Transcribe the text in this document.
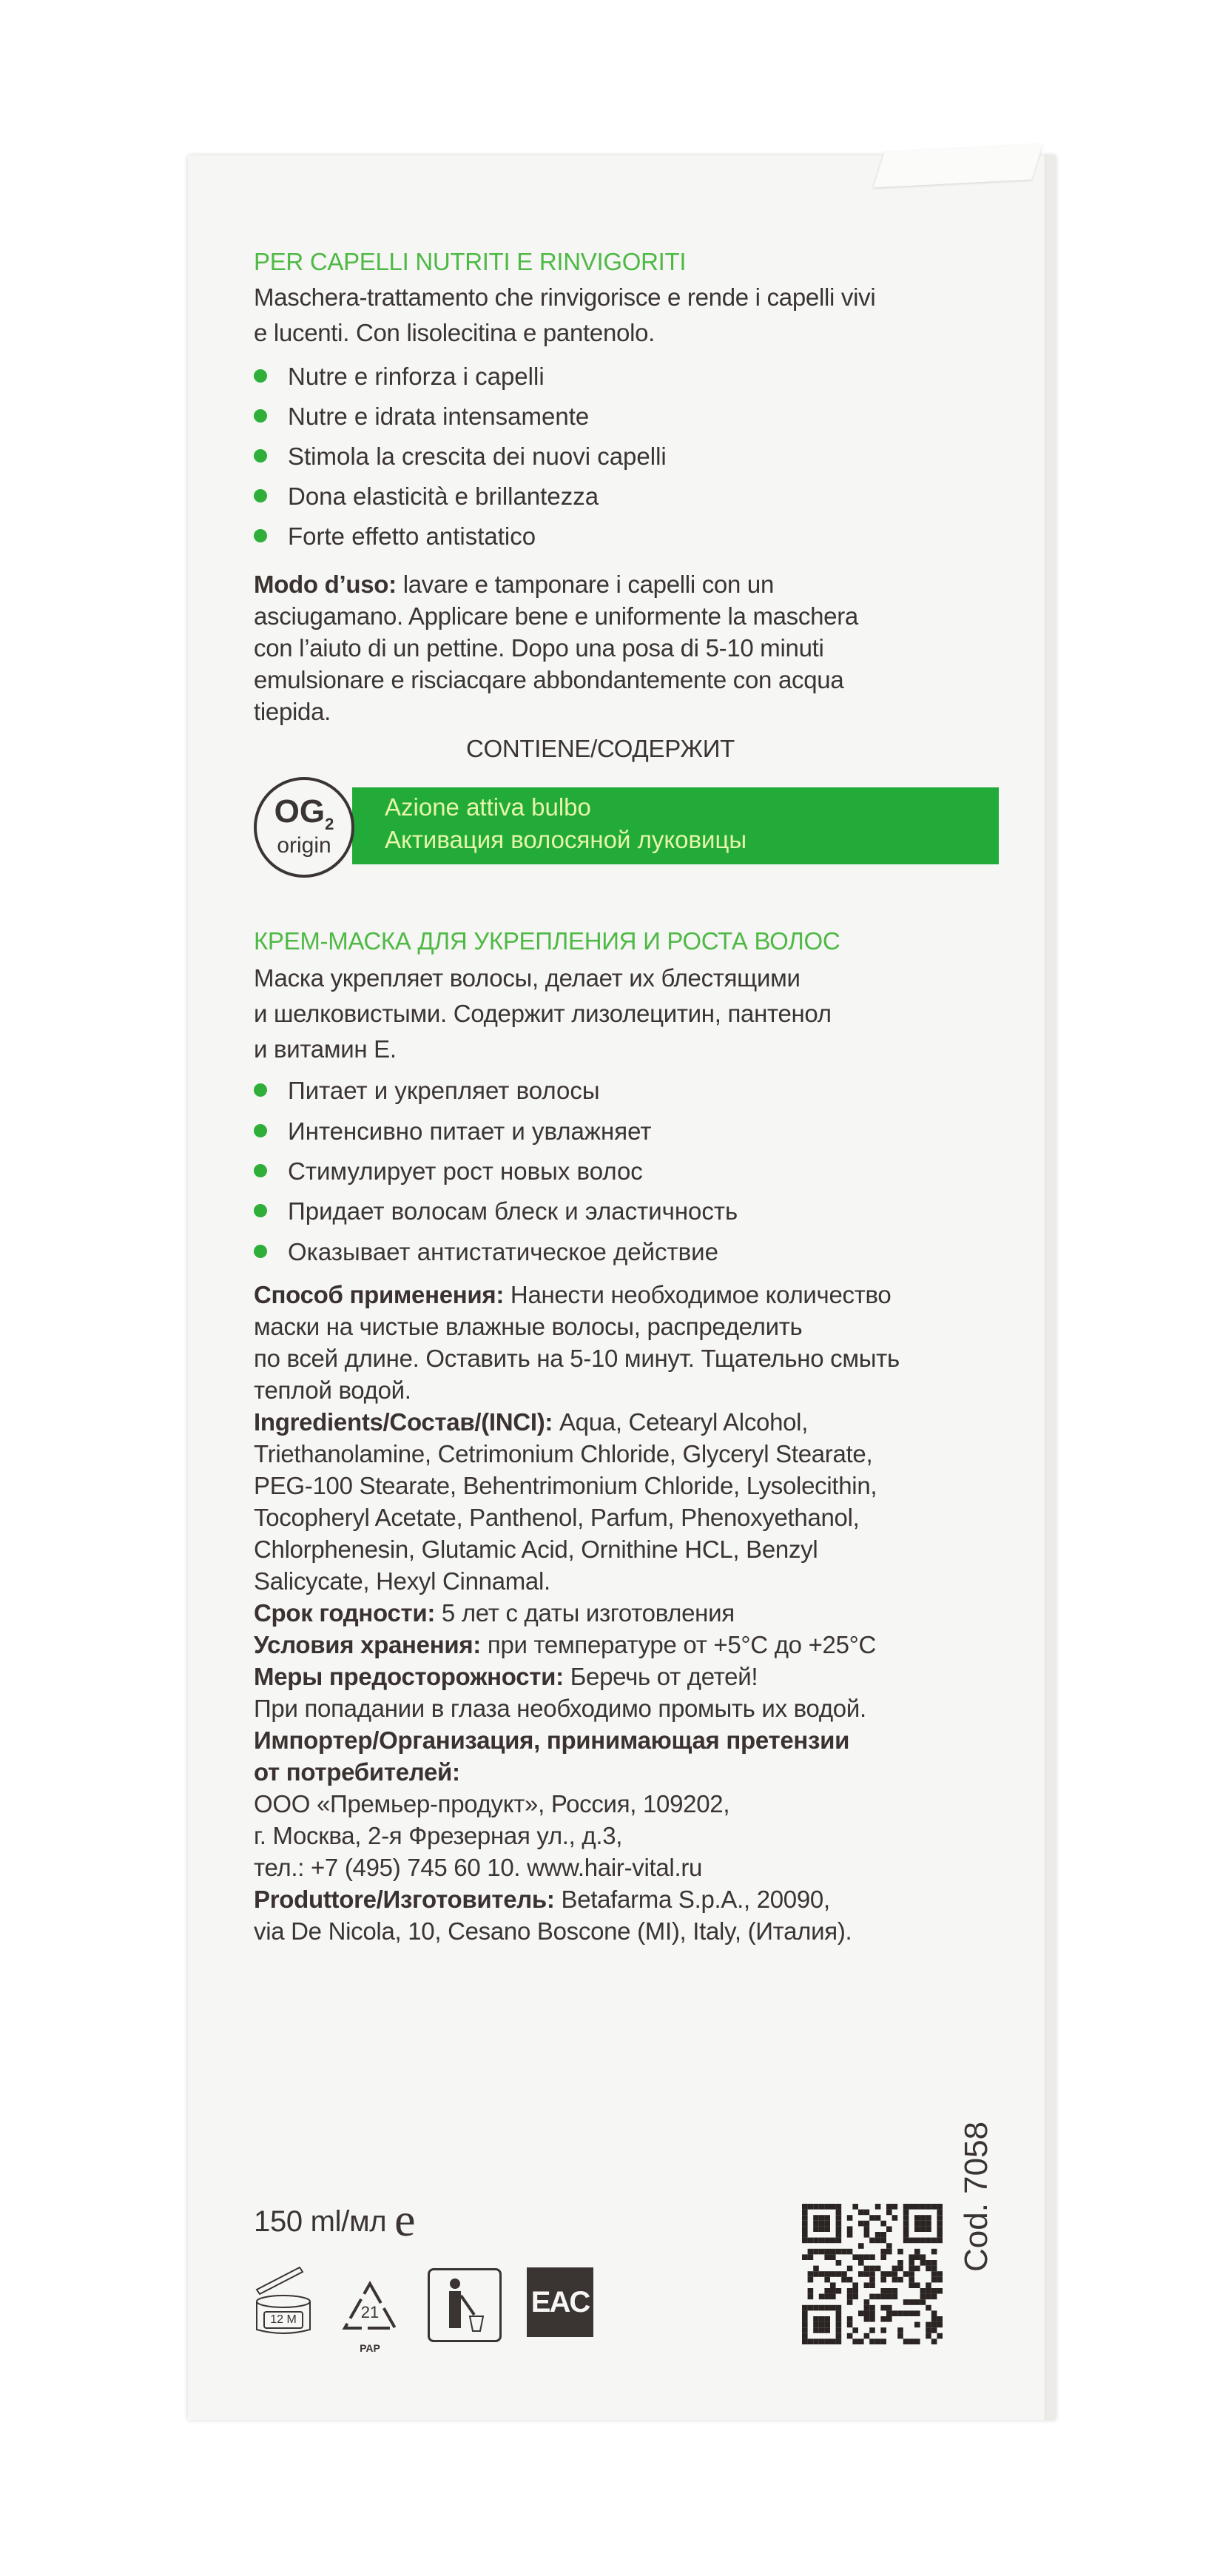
PER CAPELLI NUTRITI E RINVIGORITI
Maschera-trattamento che rinvigorisce e rende i capelli vivi
e lucenti. Con lisolecitina e pantenolo.
Nutre e rinforza i capelli
Nutre e idrata intensamente
Stimola la crescita dei nuovi capelli
Dona elasticità e brillantezza
Forte effetto antistatico
Modo d’uso: lavare e tamponare i capelli con un
asciugamano. Applicare bene e uniformente la maschera
con l’aiuto di un pettine. Dopo una posa di 5-10 minuti
emulsionare e risciacqare abbondantemente con acqua
tiepida.
CONTIENE/СОДЕРЖИТ
Azione attiva bulbo
Активация волосяной луковицы
$OG_2$
origin
КРЕМ-МАСКА ДЛЯ УКРЕПЛЕНИЯ И РОСТА ВОЛОС
Маска укрепляет волосы, делает их блестящими
и шелковистыми. Содержит лизолецитин, пантенол
и витамин Е.
Питает и укрепляет волосы
Интенсивно питает и увлажняет
Стимулирует рост новых волос
Придает волосам блеск и эластичность
Оказывает антистатическое действие
Способ применения: Нанести необходимое количество
маски на чистые влажные волосы, распределить
по всей длине. Оставить на 5-10 минут. Тщательно смыть
теплой водой.
Ingredients/Состав/(INCI): Aqua, Cetearyl Alcohol,
Triethanolamine, Cetrimonium Chloride, Glyceryl Stearate,
PEG-100 Stearate, Behentrimonium Chloride, Lysolecithin,
Tocopheryl Acetate, Panthenol, Parfum, Phenoxyethanol,
Chlorphenesin, Glutamic Acid, Ornithine HCL, Benzyl
Salicycate, Hexyl Cinnamal.
Срок годности: 5 лет с даты изготовления
Условия хранения: при температуре от +5°C до +25°C
Меры предосторожности: Беречь от детей!
При попадании в глаза необходимо промыть их водой.
Импортер/Организация, принимающая претензии
от потребителей:
ООО «Премьер-продукт», Россия, 109202,
г. Москва, 2-я Фрезерная ул., д.3,
тел.: +7 (495) 745 60 10. www.hair-vital.ru
Produttore/Изготовитель: Betafarma S.p.A., 20090,
via De Nicola, 10, Cesano Boscone (MI), Italy, (Италия).
150 ml/мл e
12 M	21
PAP
EAC
Cod. 7058
